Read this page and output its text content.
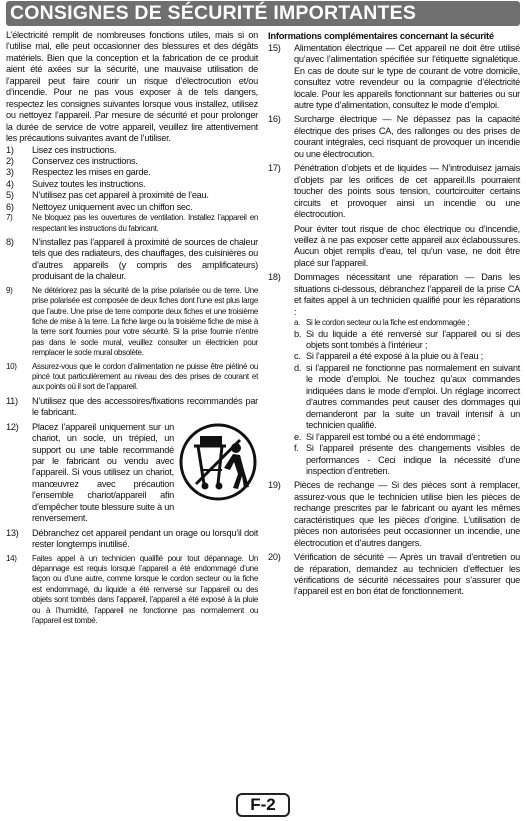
CONSIGNES DE SÉCURITÉ IMPORTANTES

L’électricité remplit de nombreuses fonctions utiles, mais si on l’utilise mal, elle peut occasionner des blessures et des dégâts matériels. Bien que la conception et la fabrication de ce produit aient été axées sur la sécurité, une mauvaise utilisation de l’appareil peut faire courir un risque d’électrocution et/ou d’incendie. Pour ne pas vous exposer à de tels dangers, respectez les consignes suivantes lorsque vous installez, utilisez ou nettoyez l’appareil. Par mesure de sécurité et pour prolonger la durée de service de votre appareil, veuillez lire attentivement les précautions suivantes avant de l’utiliser.

1)	Lisez ces instructions.
2)	Conservez ces instructions.
3)	Respectez les mises en garde.
4)	Suivez toutes les instructions.
5)	N’utilisez pas cet appareil à proximité de l’eau.
6)	Nettoyez uniquement avec un chiffon sec.
7)	Ne bloquez pas les ouvertures de ventilation. Installez l’appareil en respectant les instructions du fabricant.
8)	N’installez pas l’appareil à proximité de sources de chaleur tels que des radiateurs, des chauffages, des cuisinières ou d’autres appareils (y compris des amplificateurs) produisant de la chaleur.
9)	Ne détériorez pas la sécurité de la prise polarisée ou de terre. Une prise polarisée est composée de deux fiches dont l’une est plus large que l’autre. Une prise de terre comporte deux fiches et une troisième fiche de mise à la terre. La fiche large ou la troisième fiche de mise à la terre sont fournies pour votre sécurité. Si la prise fournie n’entre pas dans le socle mural, veuillez consulter un électricien pour remplacer le socle mural obsolète.
10)	Assurez-vous que le cordon d’alimentation ne puisse être piétiné ou pincé tout particulièrement au niveau des des prises de courant et aux points où il sort de l’appareil.
11)	N’utilisez que des accessoires/fixations recommandés par le fabricant.
12)	Placez l’appareil uniquement sur un chariot, un socle, un trépied, un support ou une table recommandé par le fabricant ou vendu avec l’appareil. Si vous utilisez un chariot, manœuvrez avec précaution l’ensemble chariot/appareil afin d’empêcher toute blessure suite à un renversement.
13)	Débranchez cet appareil pendant un orage ou lorsqu’il doit rester longtemps inutilisé.
14)	Faites appel à un technicien qualifié pour tout dépannage. Un dépannage est requis lorsque l’appareil a été endommagé d’une façon ou d’une autre, comme lorsque le cordon secteur ou la fiche est endommagé, du liquide a été renversé sur l’appareil ou des objets sont tombés dans l’appareil, l’appareil a été exposé à la pluie ou à l’humidité, l’appareil ne fonctionne pas normalement ou l’appareil est tombé.
Informations complémentaires concernant la sécurité
15)	Alimentation électrique — Cet appareil ne doit être utilisé qu’avec l’alimentation spécifiée sur l’étiquette signalétique. En cas de doute sur le type de courant de votre domicile, consultez votre revendeur ou la compagnie d’électricité locale. Pour les appareils fonctionnant sur batteries ou sur autre type d’alimentation, consultez le mode d’emploi.
16)	Surcharge électrique — Ne dépassez pas la capacité électrique des prises CA, des rallonges ou des prises de courant intégrales, ceci risquant de provoquer un incendie ou une électrocution.
17)	Pénétration d’objets et de liquides — N’introduisez jamais d’objets par les orifices de cet appareil.Ils pourraient toucher des points sous tension, courtcircuiter certains circuits et provoquer ainsi un incendie ou une électrocution.
Pour éviter tout risque de choc électrique ou d’incendie, veillez à ne pas exposer cette appareil aux éclaboussures. Aucun objet remplis d’eau, tel qu’un vase, ne doit être placé sur l’appareil.
18)	Dommages nécessitant une réparation — Dans les situations ci-dessous, débranchez l’appareil de la prise CA et faites appel à un technicien qualifié pour les réparations :
a. Si le cordon secteur ou la fiche est endommagée ;
b. Si du liquide a été renversé sur l’appareil ou si des objets sont tombés à l’intérieur ;
c. Si l’appareil a été exposé à la pluie ou à l’eau ;
d. si l’appareil ne fonctionne pas normalement en suivant le mode d’emploi. Ne touchez qu’aux commandes indiquées dans le mode d’emploi. Un réglage incorrect d’autres commandes peut causer des dommages qui demanderont par la suite un travail intensif à un technicien qualifié.
e. Si l’appareil est tombé ou a été endommagé ;
f. Si l’appareil présente des changements visibles de performances - Ceci indique la nécessité d’une inspection d’entretien.
19)	Pièces de rechange — Si des pièces sont à remplacer, assurez-vous que le technicien utilise bien les pièces de rechange prescrites par le fabricant ou ayant les mêmes caractéristiques que les pièces d’origine. L’utilisation de pièces non autorisées peut occasionner un incendie, une électrocution et d’autres dangers.
20)	Vérification de sécurité — Après un travail d’entretien ou de réparation, demandez au technicien d’effectuer les vérifications de sécurité nécessaires pour s’assurer que l’appareil est en bon état de fonctionnement.
F-2
